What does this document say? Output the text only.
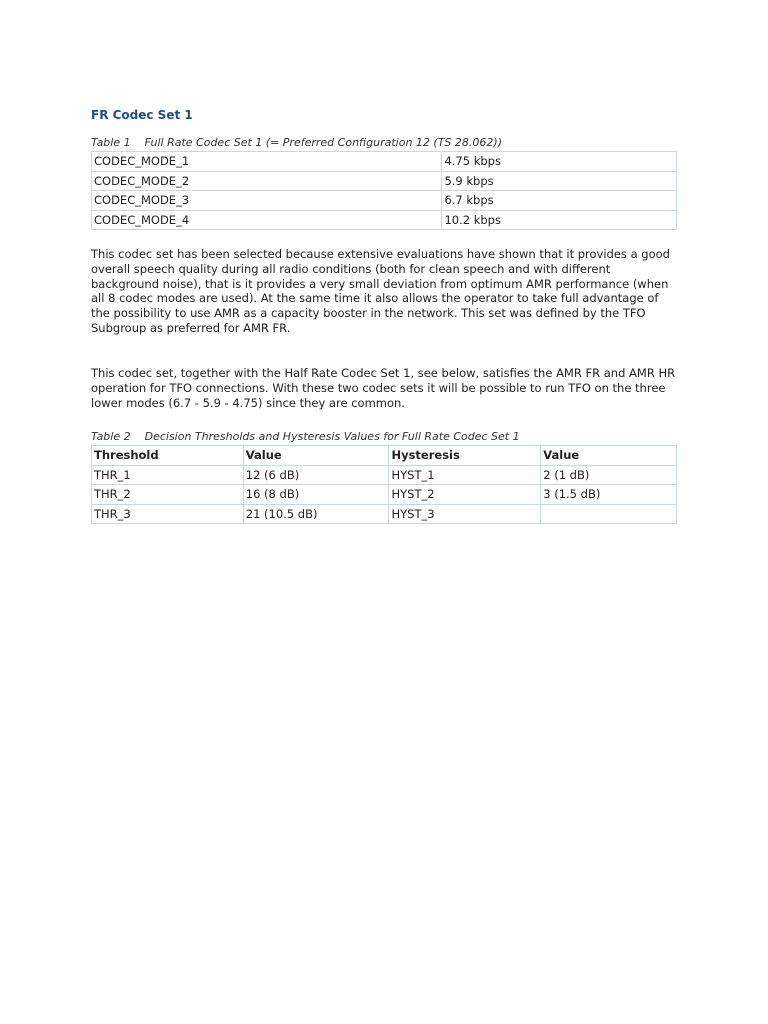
FR Codec Set 1
Table 1 Full Rate Codec Set 1 (= Preferred Configuration 12 (TS 28.062))
CODEC_MODE_1	4.75 kbps
CODEC_MODE_2	5.9 kbps
CODEC_MODE_3	6.7 kbps
CODEC_MODE_4	10.2 kbps

This codec set has been selected because extensive evaluations have shown that it provides a good overall speech quality during all radio conditions (both for clean speech and with different background noise), that is it provides a very small deviation from optimum AMR performance (when all 8 codec modes are used). At the same time it also allows the operator to take full advantage of the possibility to use AMR as a capacity booster in the network. This set was defined by the TFO Subgroup as preferred for AMR FR.

This codec set, together with the Half Rate Codec Set 1, see below, satisfies the AMR FR and AMR HR operation for TFO connections. With these two codec sets it will be possible to run TFO on the three lower modes (6.7 - 5.9 - 4.75) since they are common.

Table 2 Decision Thresholds and Hysteresis Values for Full Rate Codec Set 1
Threshold	Value	Hysteresis	Value
THR_1	12 (6 dB)	HYST_1	2 (1 dB)
THR_2	16 (8 dB)	HYST_2	3 (1.5 dB)
THR_3	21 (10.5 dB)	HYST_3	
